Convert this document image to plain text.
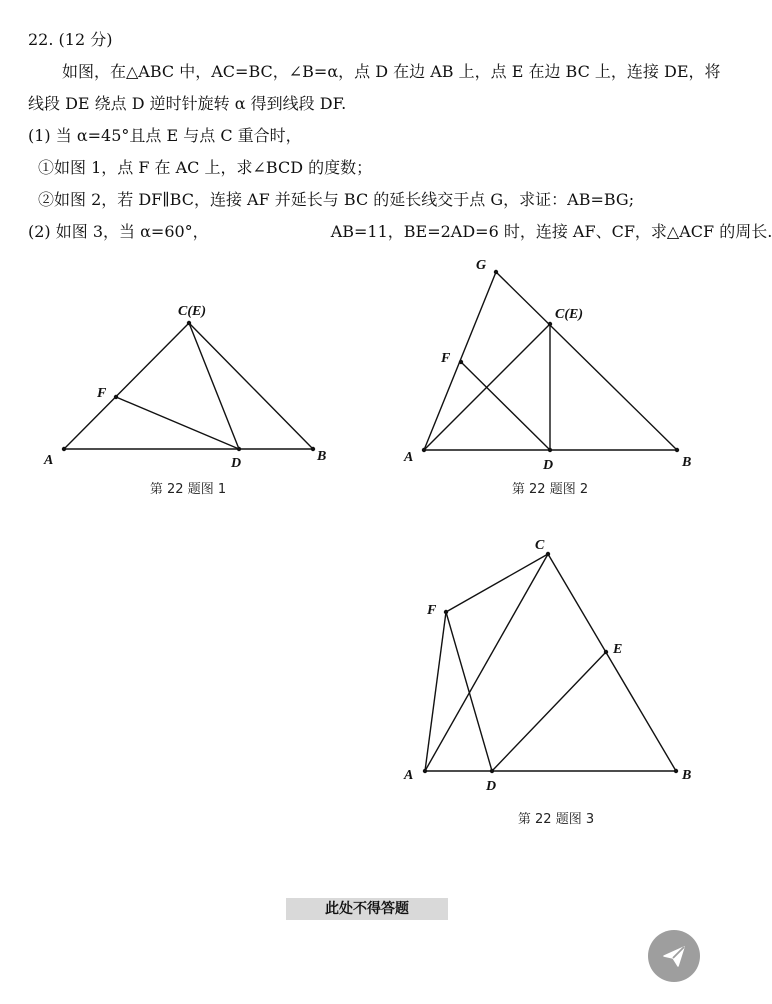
22. (12 分)
如图，在△ABC 中，AC=BC，∠B=α，点 D 在边 AB 上，点 E 在边 BC 上，连接 DE，将
线段 DE 绕点 D 逆时针旋转 α 得到线段 DF.
(1) 当 α=45°且点 E 与点 C 重合时，
①如图 1，点 F 在 AC 上，求∠BCD 的度数；
②如图 2，若 DF∥BC，连接 AF 并延长与 BC 的延长线交于点 G，求证：AB=BG;
(2) 如图 3，当 α=60°，	AB=11，BE=2AD=6 时，连接 AF、CF，求△ACF 的周长.
A	B
C(E)
D
F
第 22 题图 1
A	B
C(E)
D
F
G
第 22 题图 2
A	B
C
D
E
F
第 22 题图 3
此处不得答题
